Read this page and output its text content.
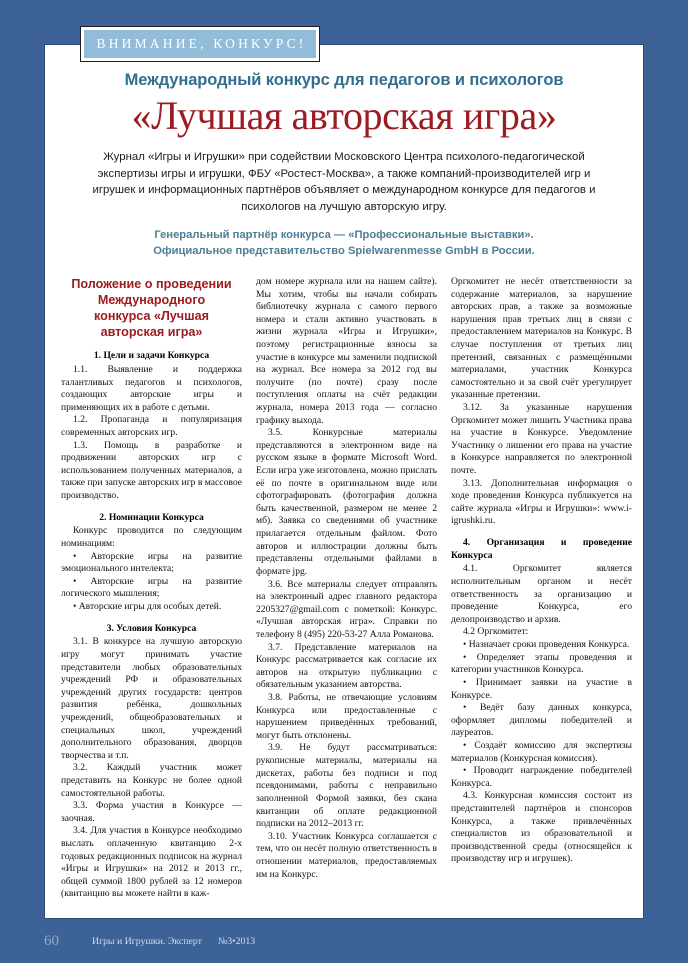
Международный конкурс для педагогов и психологов
«Лучшая авторская игра»
Журнал «Игры и Игрушки» при содействии Московского Центра психолого-педагогической экспертизы игры и игрушки, ФБУ «Ростест-Москва», а также компаний-производителей игр и игрушек и информационных партнёров объявляет о международном конкурсе для педагогов и психологов на лучшую авторскую игру.
Генеральный партнёр конкурса — «Профессиональные выставки».
Официальное представительство Spielwarenmesse GmbH в России.
Положение о проведении
Международного
конкурса «Лучшая
авторская игра»
1. Цели и задачи Конкурса

1.1. Выявление и поддержка талантливых педагогов и психологов, создающих авторские игры и применяющих их в работе с детьми.

1.2. Пропаганда и популяризация современных авторских игр.

1.3. Помощь в разработке и продвижении авторских игр с использованием полученных материалов, а также при запуске авторских игр в массовое производство.

2. Номинации Конкурса

Конкурс проводится по следующим номинациям:

• Авторские игры на развитие эмоционального интелекта;

• Авторские игры на развитие логического мышления;

• Авторские игры для особых детей.

3. Условия Конкурса

3.1. В конкурсе на лучшую авторскую игру могут принимать участие представители любых образовательных учреждений РФ и образовательных учреждений других государств: центров развития ребёнка, дошкольных учреждений, общеобразовательных и специальных школ, учреждений дополнительного образования, дворцов творчества и т.п.

3.2. Каждый участник может представить на Конкурс не более одной самостоятельной работы.

3.3. Форма участия в Конкурсе — заочная.

3.4. Для участия в Конкурсе необходимо выслать оплаченную квитанцию 2-х годовых редакционных подписок на журнал «Игры и Игрушки» на 2012 и 2013 гг., общей суммой 1800 рублей за 12 номеров (квитанцию вы можете найти в каж-

дом номере журнала или на нашем сайте). Мы хотим, чтобы вы начали собирать библиотечку журнала с самого первого номера и стали активно участвовать в жизни журнала «Игры и Игрушки», поэтому регистрационные взносы за участие в конкурсе мы заменили подпиской на журнал. Все номера за 2012 год вы получите (по почте) сразу после поступления оплаты на счёт редакции журнала, номера 2013 года — согласно графику выхода.

3.5. Конкурсные материалы представляются в электронном виде на русском языке в формате Microsoft Word. Если игра уже изготовлена, можно прислать её по почте в оригинальном виде или сфотографировать (фотография должна быть качественной, размером не менее 2 мб). Заявка со сведениями об участнике прилагается отдельным файлом. Фото авторов и иллюстрации должны быть представлены отдельными файлами в формате jpg.

3.6. Все материалы следует отправлять на электронный адрес главного редактора 2205327@gmail.com с пометкой: Конкурс. «Лучшая авторская игра». Справки по телефону 8 (495) 220-53-27 Алла Романова.

3.7. Представление материалов на Конкурс рассматривается как согласие их авторов на открытую публикацию с обязательным указанием авторства.

3.8. Работы, не отвечающие условиям Конкурса или предоставленные с нарушением приведённых требований, могут быть отклонены.

3.9. Не будут рассматриваться: рукописные материалы, материалы на дискетах, работы без подписи и под псевдонимами, работы с неправильно заполненной Формой заявки, без скана квитанции об оплате редакционной подписки на 2012–2013 гг.

3.10. Участник Конкурса соглашается с тем, что он несёт полную ответственность в отношении материалов, предоставляемых им на Конкурс.

Оргкомитет не несёт ответственности за содержание материалов, за нарушение авторских прав, а также за возможные нарушения прав третьих лиц в связи с предоставлением материалов на Конкурс. В случае поступления от третьих лиц претензий, связанных с размещёнными материалами, участник Конкурса самостоятельно и за свой счёт урегулирует указанные претензии.

3.12. За указанные нарушения Оргкомитет может лишить Участника права на участие в Конкурсе. Уведомление Участнику о лишении его права на участие в Конкурсе направляется по электронной почте.

3.13. Дополнительная информация о ходе проведения Конкурса публикуется на сайте журнала «Игры и Игрушки»: www.i-igrushki.ru.

4. Организация и проведение Конкурса

4.1. Оргкомитет является исполнительным органом и несёт ответственность за организацию и проведение Конкурса, его делопроизводство и архив.

4.2 Оргкомитет:

• Назначает сроки проведения Конкурса.

• Определяет этапы проведения и категории участников Конкурса.

• Принимает заявки на участие в Конкурсе.

• Ведёт базу данных конкурса, оформляет дипломы победителей и лауреатов.

• Создаёт комиссию для экспертизы материалов (Конкурсная комиссия).

• Проводит награждение победителей Конкурса.

4.3. Конкурсная комиссия состоит из представителей партнёров и спонсоров Конкурса, а также привлечённых специалистов из образовательной и производственной среды (относящейся к производству игр и игрушек).

60	Игры и Игрушки. Эксперт №3•2013
ВНИМАНИЕ, КОНКУРС!
